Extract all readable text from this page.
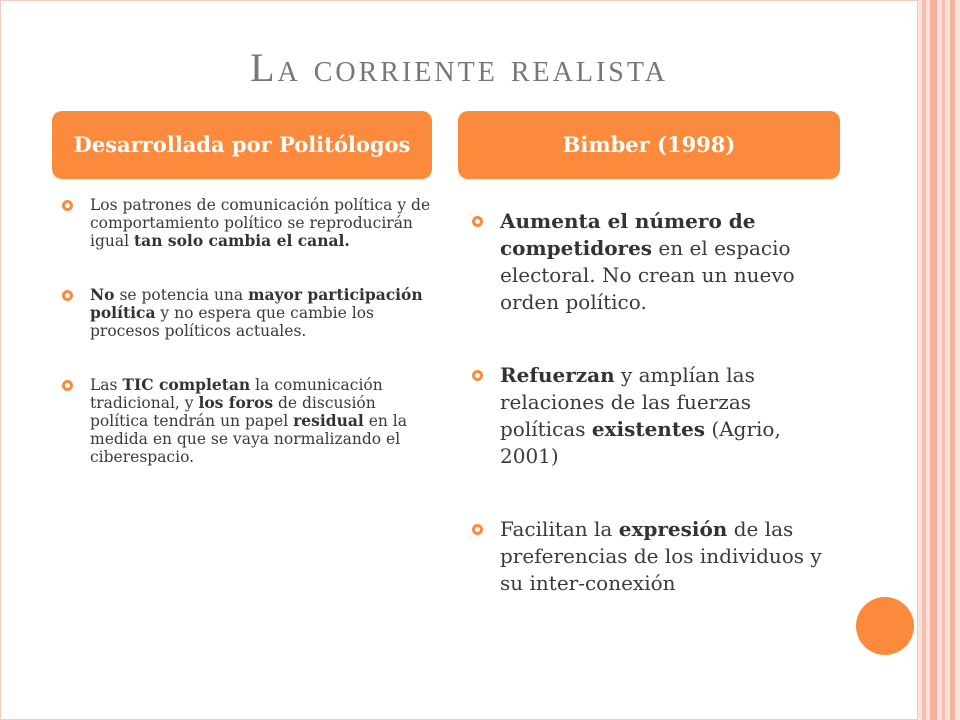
La corriente realista
Desarrollada por Politólogos	Bimber (1998)
Los patrones de comunicación política y de comportamiento político se reproducirán igual tan solo cambia el canal.
No se potencia una mayor participación política y no espera que cambie los procesos políticos actuales.
Las TIC completan la comunicación tradicional, y los foros de discusión política tendrán un papel residual en la medida en que se vaya normalizando el ciberespacio.
Aumenta el número de competidores en el espacio electoral. No crean un nuevo orden político.
Refuerzan y amplían las relaciones de las fuerzas políticas existentes (Agrio, 2001)
Facilitan la expresión de las preferencias de los individuos y su inter-conexión
